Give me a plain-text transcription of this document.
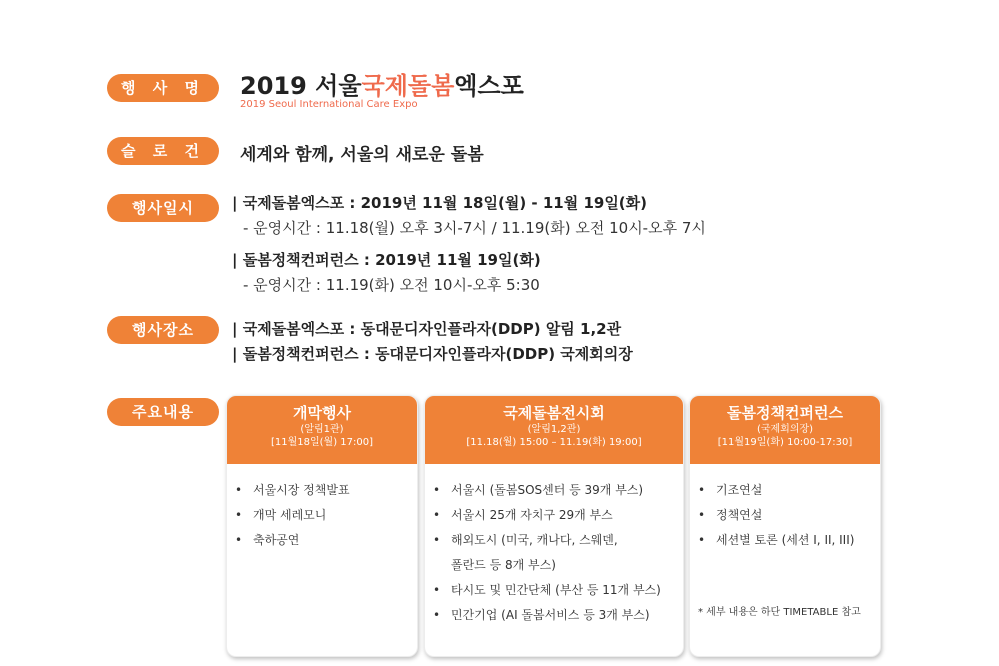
행 사 명
슬 로 건
행사일시
행사장소
주요내용
2019 서울국제돌봄엑스포
2019 Seoul International Care Expo
세계와 함께, 서울의 새로운 돌봄
| 국제돌봄엑스포 : 2019년 11월 18일(월) - 11월 19일(화)
- 운영시간 : 11.18(월) 오후 3시-7시 / 11.19(화) 오전 10시-오후 7시
| 돌봄정책컨퍼런스 : 2019년 11월 19일(화)
- 운영시간 : 11.19(화) 오전 10시-오후 5:30
| 국제돌봄엑스포 : 동대문디자인플라자(DDP) 알림 1,2관
| 돌봄정책컨퍼런스 : 동대문디자인플라자(DDP) 국제회의장
개막행사
(알림1관)
[11월18일(월) 17:00]
• 서울시장 정책발표
• 개막 세레모니
• 축하공연
국제돌봄전시회
(알림1,2관)
[11.18(월) 15:00 – 11.19(화) 19:00]
• 서울시 (돌봄SOS센터 등 39개 부스)
• 서울시 25개 자치구 29개 부스
• 해외도시 (미국, 캐나다, 스웨덴,
폴란드 등 8개 부스)
• 타시도 및 민간단체 (부산 등 11개 부스)
• 민간기업 (AI 돌봄서비스 등 3개 부스)
돌봄정책컨퍼런스
(국제회의장)
[11월19일(화) 10:00-17:30]
• 기조연설
• 정책연설
• 세션별 토론 (세션 I, II, III)
* 세부 내용은 하단 TIMETABLE 참고
